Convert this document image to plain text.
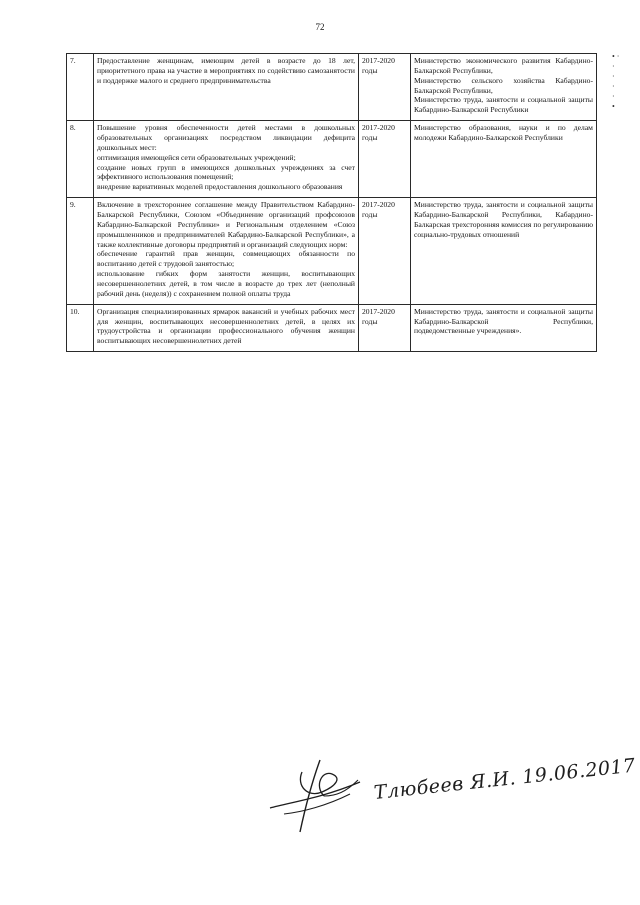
72
• ·
·
·
·
·
•
7.	Предоставление женщинам, имеющим детей в возрасте до 18 лет, приоритетного права на участие в мероприятиях по содействию самозанятости и поддержке малого и среднего предпринимательства	2017-2020 годы	Министерство экономического развития Кабардино-Балкарской Республики,
Министерство сельского хозяйства Кабардино-Балкарской Республики,
Министерство труда, занятости и социальной защиты Кабардино-Балкарской Республики

8.	Повышение уровня обеспеченности детей местами в дошкольных образовательных организациях посредством ликвидации дефицита дошкольных мест:
оптимизация имеющейся сети образовательных учреждений;
создание новых групп в имеющихся дошкольных учреждениях за счет эффективного использования помещений;
внедрение вариативных моделей предоставления дошкольного образования	2017-2020 годы	Министерство образования, науки и по делам молодежи Кабардино-Балкарской Республики

9.	Включение в трехстороннее соглашение между Правительством Кабардино-Балкарской Республики, Союзом «Объединение организаций профсоюзов Кабардино-Балкарской Республики» и Региональным отделением «Союз промышленников и предпринимателей Кабардино-Балкарской Республики», а также коллективные договоры предприятий и организаций следующих норм:
обеспечение гарантий прав женщин, совмещающих обязанности по воспитанию детей с трудовой занятостью;
использование гибких форм занятости женщин, воспитывающих несовершеннолетних детей, в том числе в возрасте до трех лет (неполный рабочий день (неделя)) с сохранением полной оплаты труда	2017-2020 годы	Министерство труда, занятости и социальной защиты Кабардино-Балкарской Республики, Кабардино-Балкарская трехсторонняя комиссия по регулированию социально-трудовых отношений

10.	Организация специализированных ярмарок вакансий и учебных рабочих мест для женщин, воспитывающих несовершеннолетних детей, в целях их трудоустройства и организации профессионального обучения женщин воспитывающих несовершеннолетних детей	2017-2020 годы	Министерство труда, занятости и социальной защиты Кабардино-Балкарской Республики, подведомственные учреждения».
Тлюбеев Я.И. 19.06.2017
